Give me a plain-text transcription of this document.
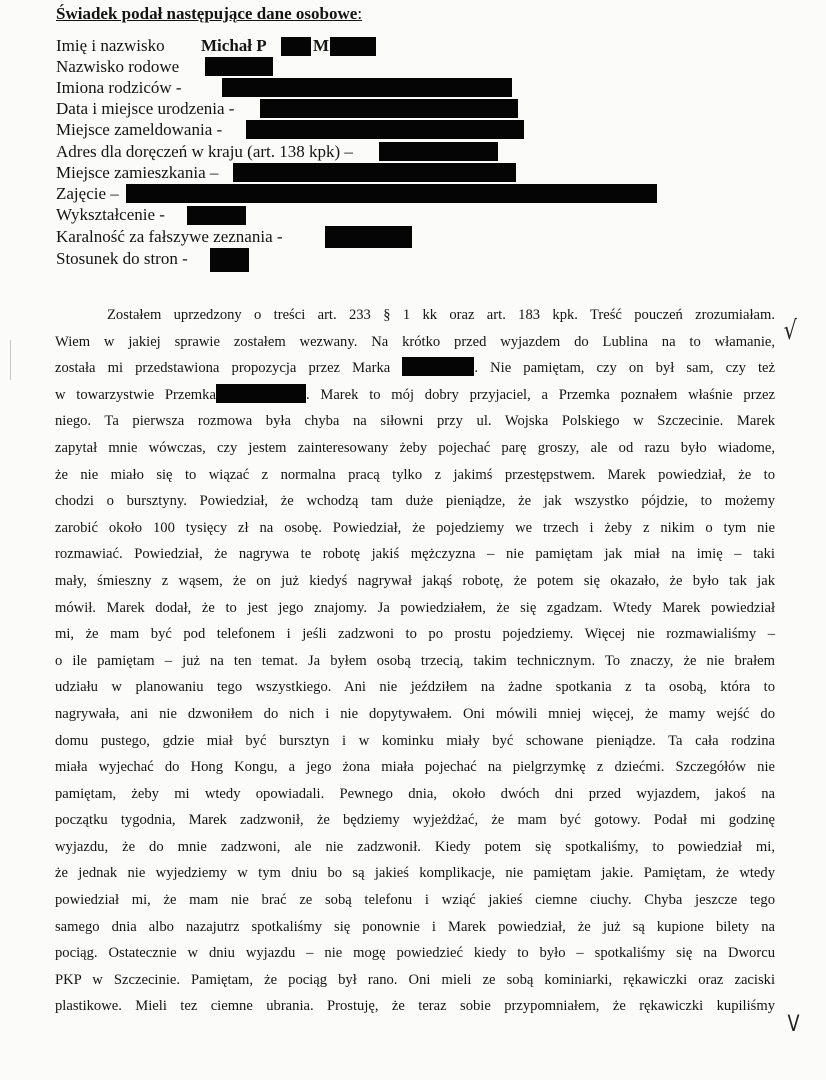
Świadek podał następujące dane osobowe:
Imię i nazwisko Michał P	M
Nazwisko rodowe
Imiona rodziców -
Data i miejsce urodzenia -
Miejsce zameldowania -
Adres dla doręczeń w kraju (art. 138 kpk) –
Miejsce zamieszkania –
Zajęcie –
Wykształcenie -
Karalność za fałszywe zeznania -
Stosunek do stron -
Zostałem uprzedzony o treści art. 233 § 1 kk oraz art. 183 kpk. Treść pouczeń zrozumiałam.
Wiem w jakiej sprawie zostałem wezwany. Na krótko przed wyjazdem do Lublina na to włamanie,
została mi przedstawiona propozycja przez Marka	. Nie pamiętam, czy on był sam, czy też
w towarzystwie Przemka	. Marek to mój dobry przyjaciel, a Przemka poznałem właśnie przez
niego. Ta pierwsza rozmowa była chyba na siłowni przy ul. Wojska Polskiego w Szczecinie. Marek
zapytał mnie wówczas, czy jestem zainteresowany żeby pojechać parę groszy, ale od razu było wiadome,
że nie miało się to wiązać z normalna pracą tylko z jakimś przestępstwem. Marek powiedział, że to
chodzi o bursztyny. Powiedział, że wchodzą tam duże pieniądze, że jak wszystko pójdzie, to możemy
zarobić około 100 tysięcy zł na osobę. Powiedział, że pojedziemy we trzech i żeby z nikim o tym nie
rozmawiać. Powiedział, że nagrywa te robotę jakiś mężczyzna – nie pamiętam jak miał na imię – taki
mały, śmieszny z wąsem, że on już kiedyś nagrywał jakąś robotę, że potem się okazało, że było tak jak
mówił. Marek dodał, że to jest jego znajomy. Ja powiedziałem, że się zgadzam. Wtedy Marek powiedział
mi, że mam być pod telefonem i jeśli zadzwoni to po prostu pojedziemy. Więcej nie rozmawialiśmy –
o ile pamiętam – już na ten temat. Ja byłem osobą trzecią, takim technicznym. To znaczy, że nie brałem
udziału w planowaniu tego wszystkiego. Ani nie jeździłem na żadne spotkania z ta osobą, która to
nagrywała, ani nie dzwoniłem do nich i nie dopytywałem. Oni mówili mniej więcej, że mamy wejść do
domu pustego, gdzie miał być bursztyn i w kominku miały być schowane pieniądze. Ta cała rodzina
miała wyjechać do Hong Kongu, a jego żona miała pojechać na pielgrzymkę z dziećmi. Szczegółów nie
pamiętam, żeby mi wtedy opowiadali. Pewnego dnia, około dwóch dni przed wyjazdem, jakoś na
początku tygodnia, Marek zadzwonił, że będziemy wyjeżdżać, że mam być gotowy. Podał mi godzinę
wyjazdu, że do mnie zadzwoni, ale nie zadzwonił. Kiedy potem się spotkaliśmy, to powiedział mi,
że jednak nie wyjedziemy w tym dniu bo są jakieś komplikacje, nie pamiętam jakie. Pamiętam, że wtedy
powiedział mi, że mam nie brać ze sobą telefonu i wziąć jakieś ciemne ciuchy. Chyba jeszcze tego
samego dnia albo nazajutrz spotkaliśmy się ponownie i Marek powiedział, że już są kupione bilety na
pociąg. Ostatecznie w dniu wyjazdu – nie mogę powiedzieć kiedy to było – spotkaliśmy się na Dworcu
PKP w Szczecinie. Pamiętam, że pociąg był rano. Oni mieli ze sobą kominiarki, rękawiczki oraz zaciski
plastikowe. Mieli tez ciemne ubrania. Prostuję, że teraz sobie przypomniałem, że rękawiczki kupiliśmy
√
V
